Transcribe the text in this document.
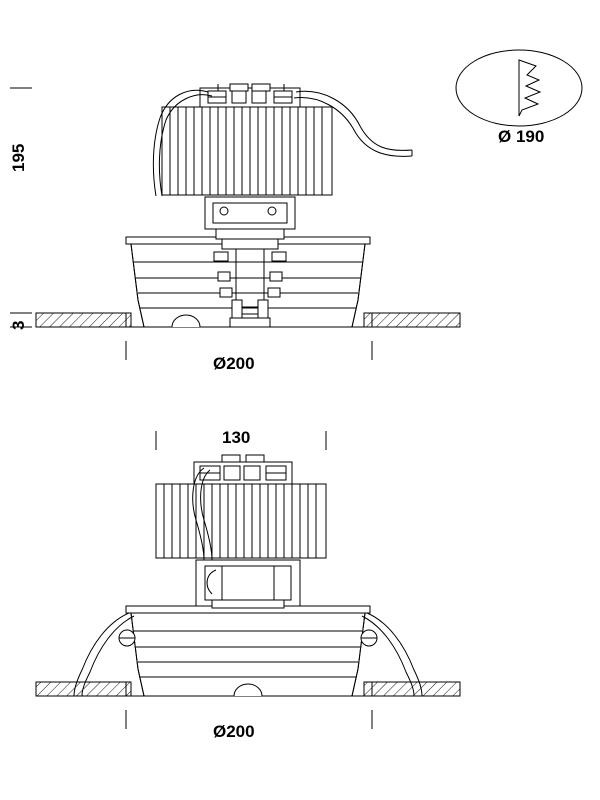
195
3
Ø200
130
Ø200
Ø 190
